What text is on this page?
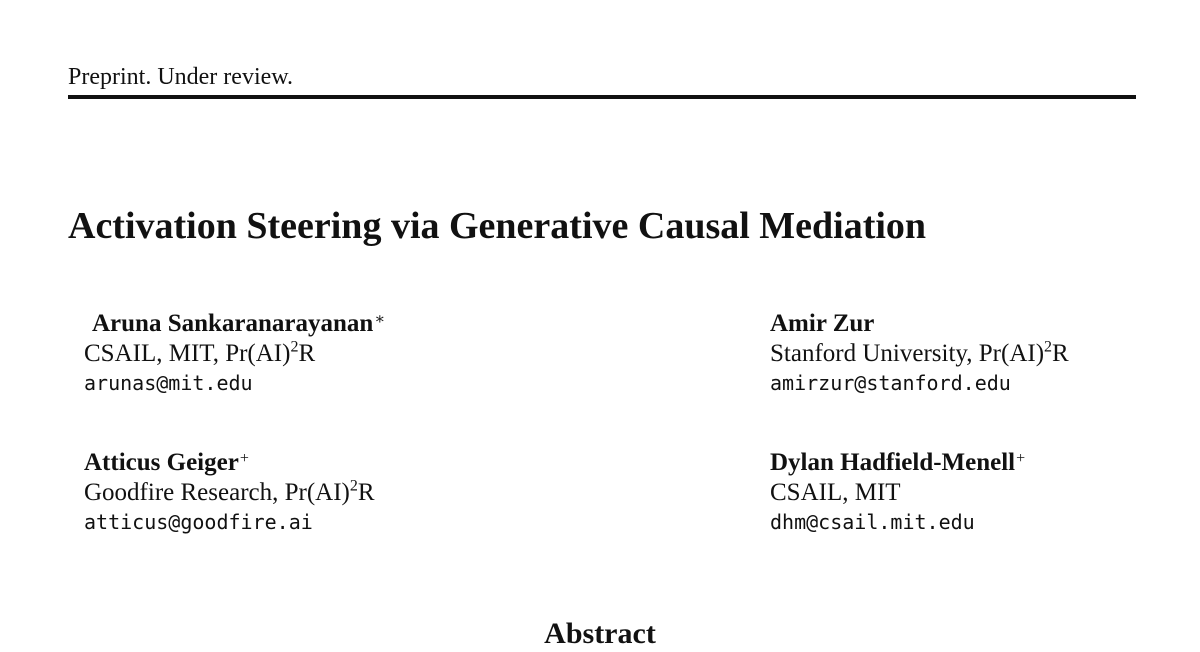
Preprint. Under review.
Activation Steering via Generative Causal Mediation
Aruna Sankaranarayanan∗
CSAIL, MIT, Pr(AI)$^2$R
arunas@mit.edu
Amir Zur
Stanford University, Pr(AI)$^2$R
amirzur@stanford.edu
Atticus Geiger+
Goodfire Research, Pr(AI)$^2$R
atticus@goodfire.ai
Dylan Hadfield-Menell+
CSAIL, MIT
dhm@csail.mit.edu
Abstract
